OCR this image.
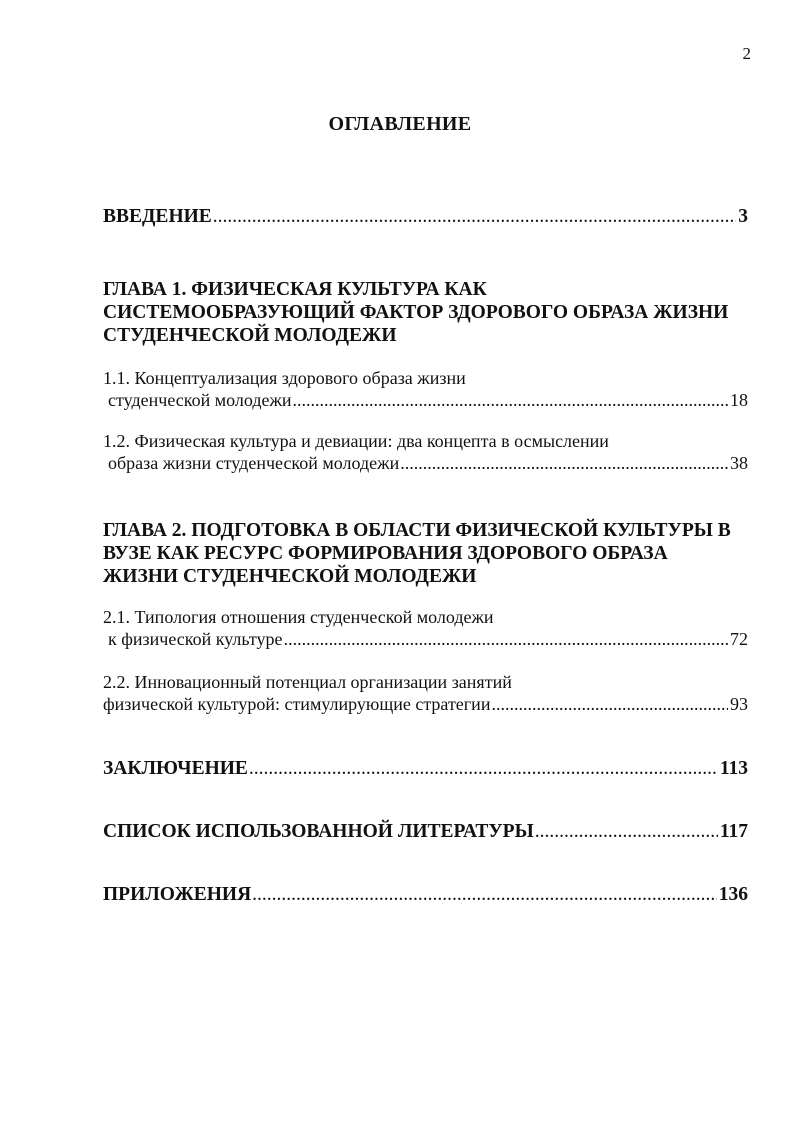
2
ОГЛАВЛЕНИЕ
ВВЕДЕНИЕ .....	3
ГЛАВА 1. ФИЗИЧЕСКАЯ КУЛЬТУРА КАК
СИСТЕМООБРАЗУЮЩИЙ ФАКТОР ЗДОРОВОГО ОБРАЗА ЖИЗНИ
СТУДЕНЧЕСКОЙ МОЛОДЕЖИ
1.1. Концептуализация здорового образа жизни
студенческой молодежи .....	18
1.2. Физическая культура и девиации: два концепта в осмыслении
образа жизни студенческой молодежи .....	38
ГЛАВА 2. ПОДГОТОВКА В ОБЛАСТИ ФИЗИЧЕСКОЙ КУЛЬТУРЫ В
ВУЗЕ КАК РЕСУРС ФОРМИРОВАНИЯ ЗДОРОВОГО ОБРАЗА
ЖИЗНИ СТУДЕНЧЕСКОЙ МОЛОДЕЖИ
2.1. Типология отношения студенческой молодежи
к физической культуре .....	72
2.2. Инновационный потенциал организации занятий
физической культурой: стимулирующие стратегии .....	93
ЗАКЛЮЧЕНИЕ .....	113
СПИСОК ИСПОЛЬЗОВАННОЙ ЛИТЕРАТУРЫ .....	117
ПРИЛОЖЕНИЯ .....	136
